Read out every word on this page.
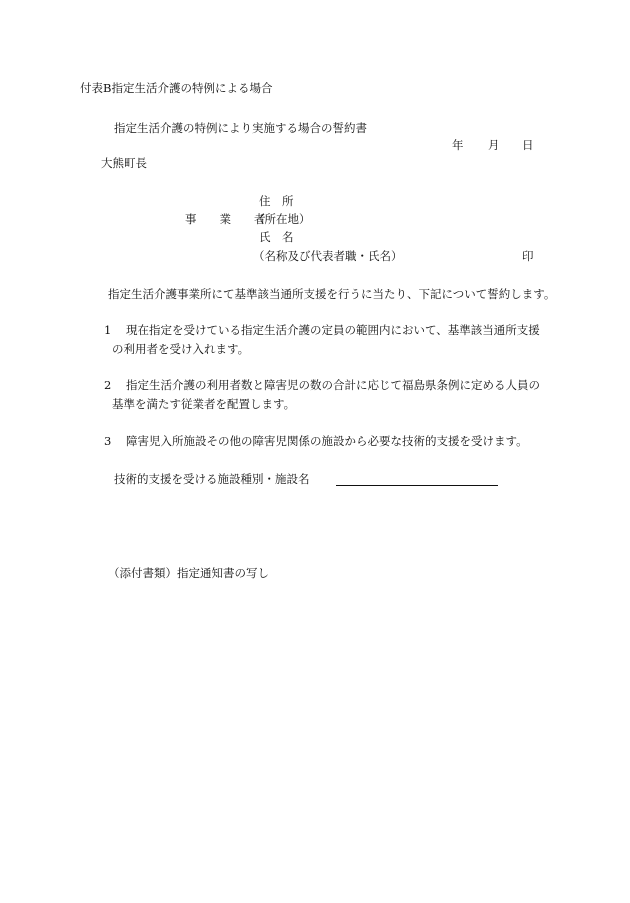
付表B指定生活介護の特例による場合
指定生活介護の特例により実施する場合の誓約書
年 月 日
大熊町長
住　所
事　　業　　者
（所在地）
氏　名
（名称及び代表者職・氏名）	印
指定生活介護事業所にて基準該当通所支援を行うに当たり、下記について誓約します。
1 現在指定を受けている指定生活介護の定員の範囲内において、基準該当通所支援
の利用者を受け入れます。
2 指定生活介護の利用者数と障害児の数の合計に応じて福島県条例に定める人員の
基準を満たす従業者を配置します。
3 障害児入所施設その他の障害児関係の施設から必要な技術的支援を受けます。
技術的支援を受ける施設種別・施設名
（添付書類）指定通知書の写し
